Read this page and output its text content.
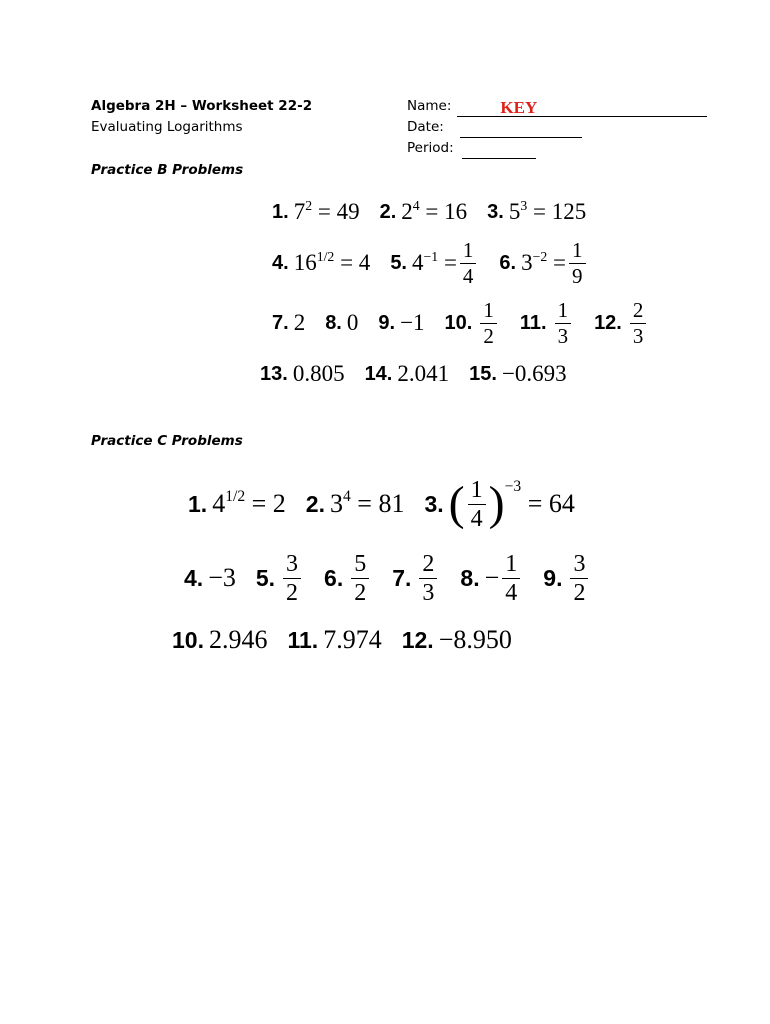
Algebra 2H – Worksheet 22-2
Evaluating Logarithms
Name:	KEY
Date:
Period:
Practice B Problems
1. $7^2$
= 49 2. $2^4$
= 16 3. $5^3$
= 125
4. $16^{1/2}$
= 4 5. $4^{-1}$
= $\frac{1}{4} 6$. $3^{-2}$
= $\frac{1}{9}$
7. 2 8. 0 9. −1 10. $\frac{1}{2} 11$. $\frac{1}{3} 12$. $\frac{2}{3}$
13. 0.805 14. 2.041 15. −0.693
Practice C Problems
1. $4^{1/2}$
= 2 2. $3^4$
= 81 3. ( $\frac{1}{4} )^{-3}$

= 64
4. −3 5. $\frac{3}{2} 6$. $\frac{5}{2} 7$. $\frac{2}{3} 8$. − $\frac{1}{4} 9$. $\frac{3}{2}$
10. 2.946 11. 7.974 12. −8.950
